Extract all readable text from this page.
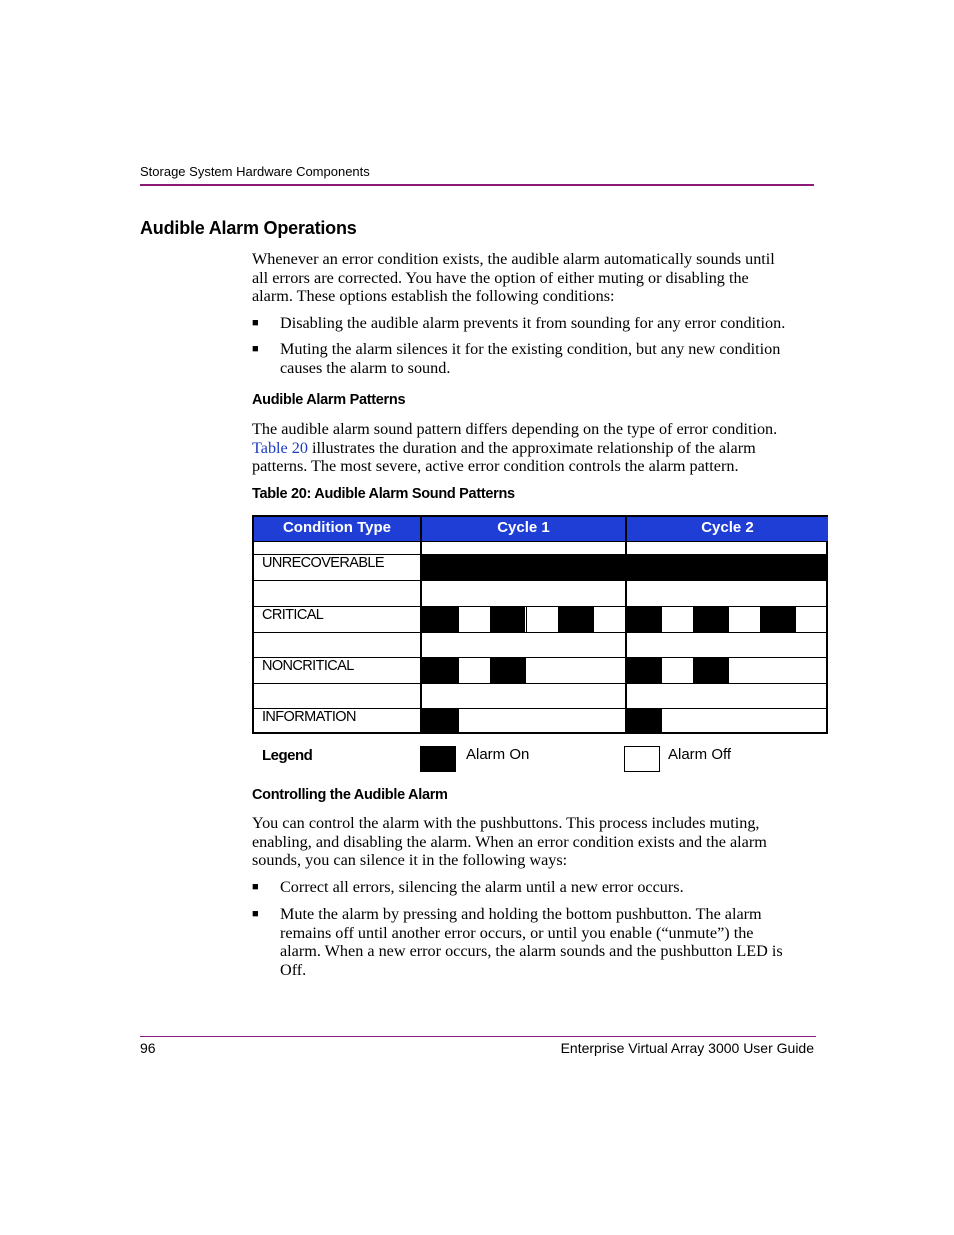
Storage System Hardware Components
Audible Alarm Operations
Whenever an error condition exists, the audible alarm automatically sounds until
all errors are corrected. You have the option of either muting or disabling the
alarm. These options establish the following conditions:
■ Disabling the audible alarm prevents it from sounding for any error condition.
■ Muting the alarm silences it for the existing condition, but any new condition
causes the alarm to sound.
Audible Alarm Patterns
The audible alarm sound pattern differs depending on the type of error condition.
Table 20 illustrates the duration and the approximate relationship of the alarm
patterns. The most severe, active error condition controls the alarm pattern.
Table 20: Audible Alarm Sound Patterns
Condition Type	Cycle 1	Cycle 2
UNRECOVERABLE
CRITICAL
NONCRITICAL
INFORMATION
Legend	Alarm On	Alarm Off
Controlling the Audible Alarm
You can control the alarm with the pushbuttons. This process includes muting,
enabling, and disabling the alarm. When an error condition exists and the alarm
sounds, you can silence it in the following ways:
■ Correct all errors, silencing the alarm until a new error occurs.
■ Mute the alarm by pressing and holding the bottom pushbutton. The alarm
remains off until another error occurs, or until you enable (“unmute”) the
alarm. When a new error occurs, the alarm sounds and the pushbutton LED is
Off.
96	Enterprise Virtual Array 3000 User Guide
